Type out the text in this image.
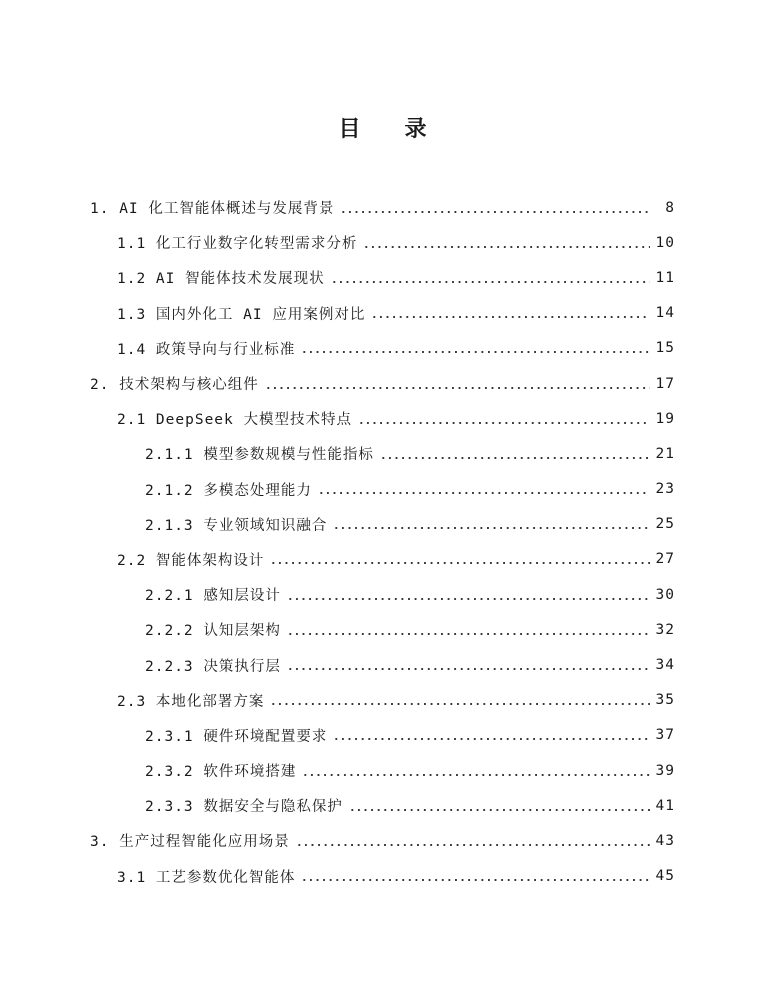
目 录
1. AI 化工智能体概述与发展背景	8
1.1 化工行业数字化转型需求分析	10
1.2 AI 智能体技术发展现状	11
1.3 国内外化工 AI 应用案例对比	14
1.4 政策导向与行业标准	15
2. 技术架构与核心组件	17
2.1 DeepSeek 大模型技术特点	19
2.1.1 模型参数规模与性能指标	21
2.1.2 多模态处理能力	23
2.1.3 专业领域知识融合	25
2.2 智能体架构设计	27
2.2.1 感知层设计	30
2.2.2 认知层架构	32
2.2.3 决策执行层	34
2.3 本地化部署方案	35
2.3.1 硬件环境配置要求	37
2.3.2 软件环境搭建	39
2.3.3 数据安全与隐私保护	41
3. 生产过程智能化应用场景	43
3.1 工艺参数优化智能体	45
